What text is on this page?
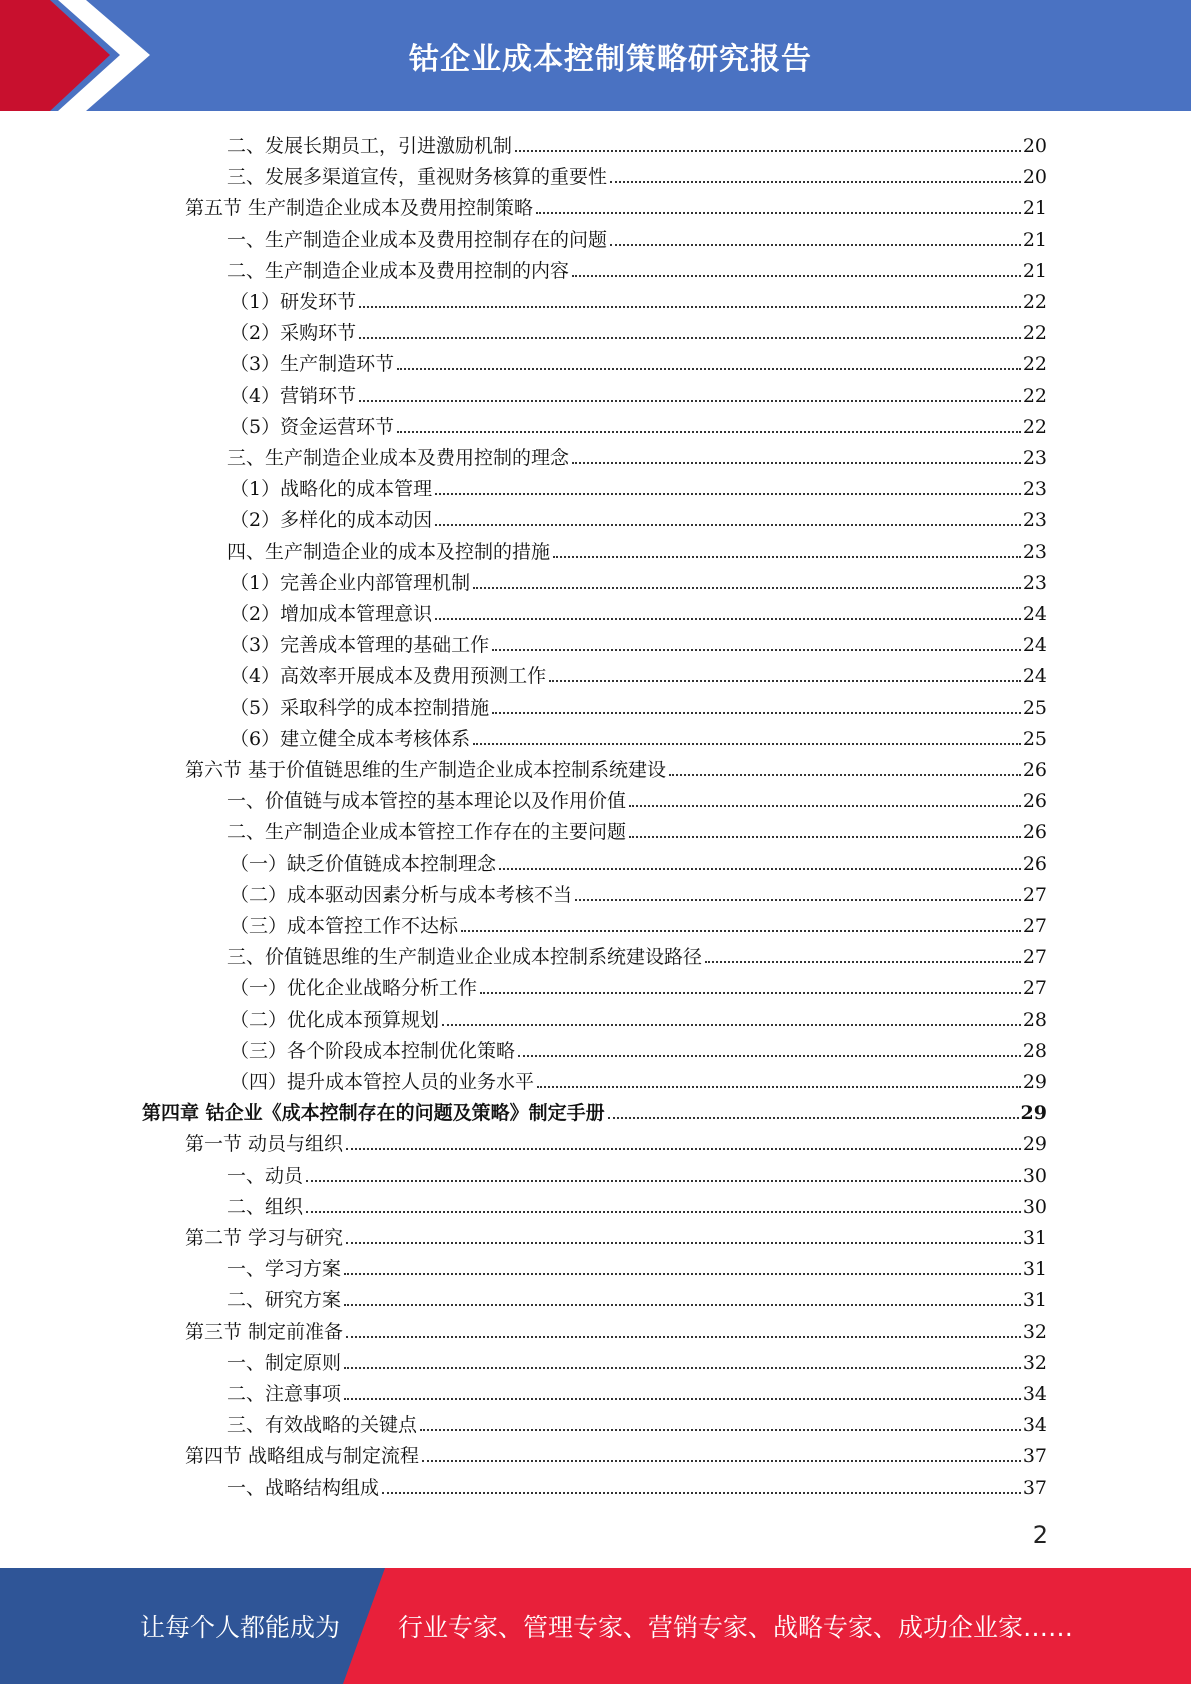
钴企业成本控制策略研究报告
二、发展长期员工，引进激励机制	20
三、发展多渠道宣传，重视财务核算的重要性	20
第五节 生产制造企业成本及费用控制策略	21
一、生产制造企业成本及费用控制存在的问题	21
二、生产制造企业成本及费用控制的内容	21
（1）研发环节	22
（2）采购环节	22
（3）生产制造环节	22
（4）营销环节	22
（5）资金运营环节	22
三、生产制造企业成本及费用控制的理念	23
（1）战略化的成本管理	23
（2）多样化的成本动因	23
四、生产制造企业的成本及控制的措施	23
（1）完善企业内部管理机制	23
（2）增加成本管理意识	24
（3）完善成本管理的基础工作	24
（4）高效率开展成本及费用预测工作	24
（5）采取科学的成本控制措施	25
（6）建立健全成本考核体系	25
第六节 基于价值链思维的生产制造企业成本控制系统建设	26
一、价值链与成本管控的基本理论以及作用价值	26
二、生产制造企业成本管控工作存在的主要问题	26
（一）缺乏价值链成本控制理念	26
（二）成本驱动因素分析与成本考核不当	27
（三）成本管控工作不达标	27
三、价值链思维的生产制造业企业成本控制系统建设路径	27
（一）优化企业战略分析工作	27
（二）优化成本预算规划	28
（三）各个阶段成本控制优化策略	28
（四）提升成本管控人员的业务水平	29
第四章 钴企业《成本控制存在的问题及策略》制定手册	29
第一节 动员与组织	29
一、动员	30
二、组织	30
第二节 学习与研究	31
一、学习方案	31
二、研究方案	31
第三节 制定前准备	32
一、制定原则	32
二、注意事项	34
三、有效战略的关键点	34
第四节 战略组成与制定流程	37
一、战略结构组成	37
2
让每个人都能成为 行业专家、管理专家、营销专家、战略专家、成功企业家……
